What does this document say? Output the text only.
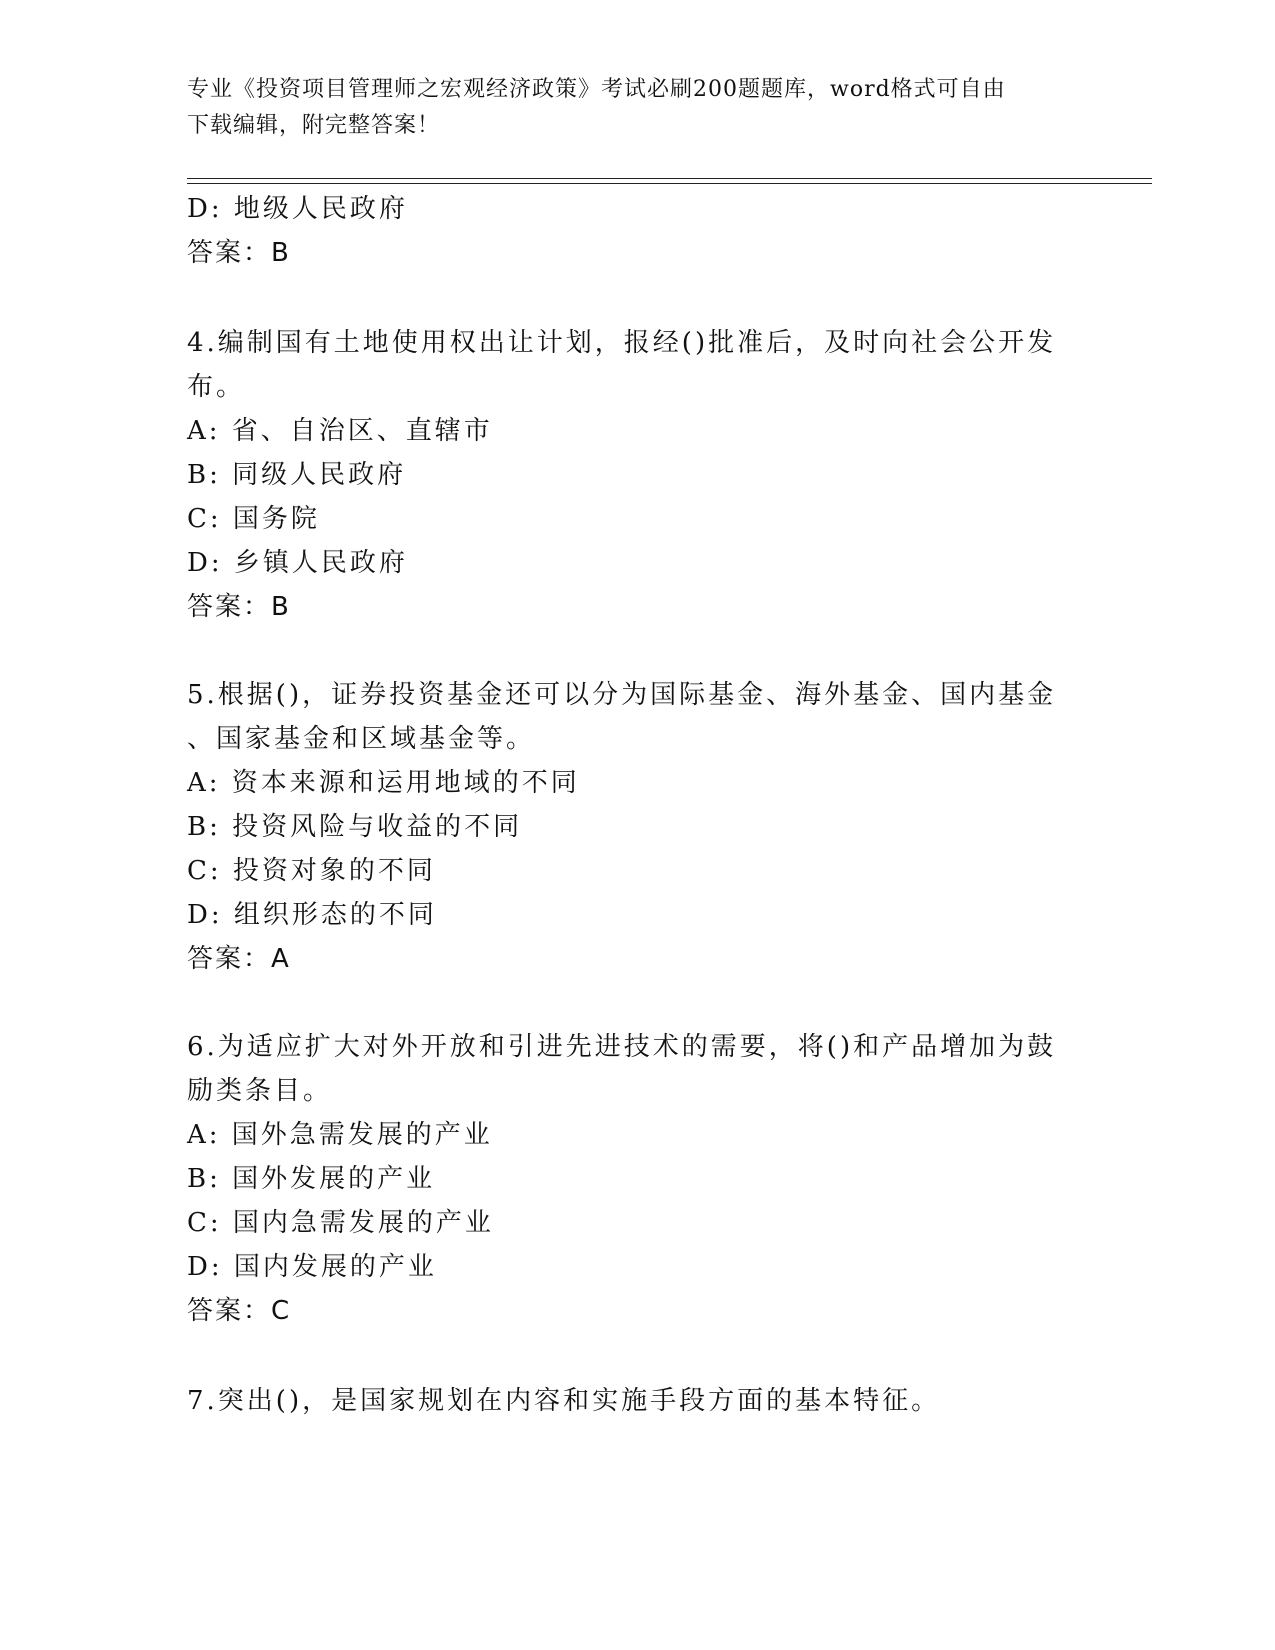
专业《投资项目管理师之宏观经济政策》考试必刷200题题库，word格式可自由
下载编辑，附完整答案！
D: 地级人民政府
答案：B
4.编制国有土地使用权出让计划，报经()批准后，及时向社会公开发
布。
A: 省、自治区、直辖市
B: 同级人民政府
C: 国务院
D: 乡镇人民政府
答案：B
5.根据()，证券投资基金还可以分为国际基金、海外基金、国内基金
、国家基金和区域基金等。
A: 资本来源和运用地域的不同
B: 投资风险与收益的不同
C: 投资对象的不同
D: 组织形态的不同
答案：A
6.为适应扩大对外开放和引进先进技术的需要，将()和产品增加为鼓
励类条目。
A: 国外急需发展的产业
B: 国外发展的产业
C: 国内急需发展的产业
D: 国内发展的产业
答案：C
7.突出()，是国家规划在内容和实施手段方面的基本特征。
